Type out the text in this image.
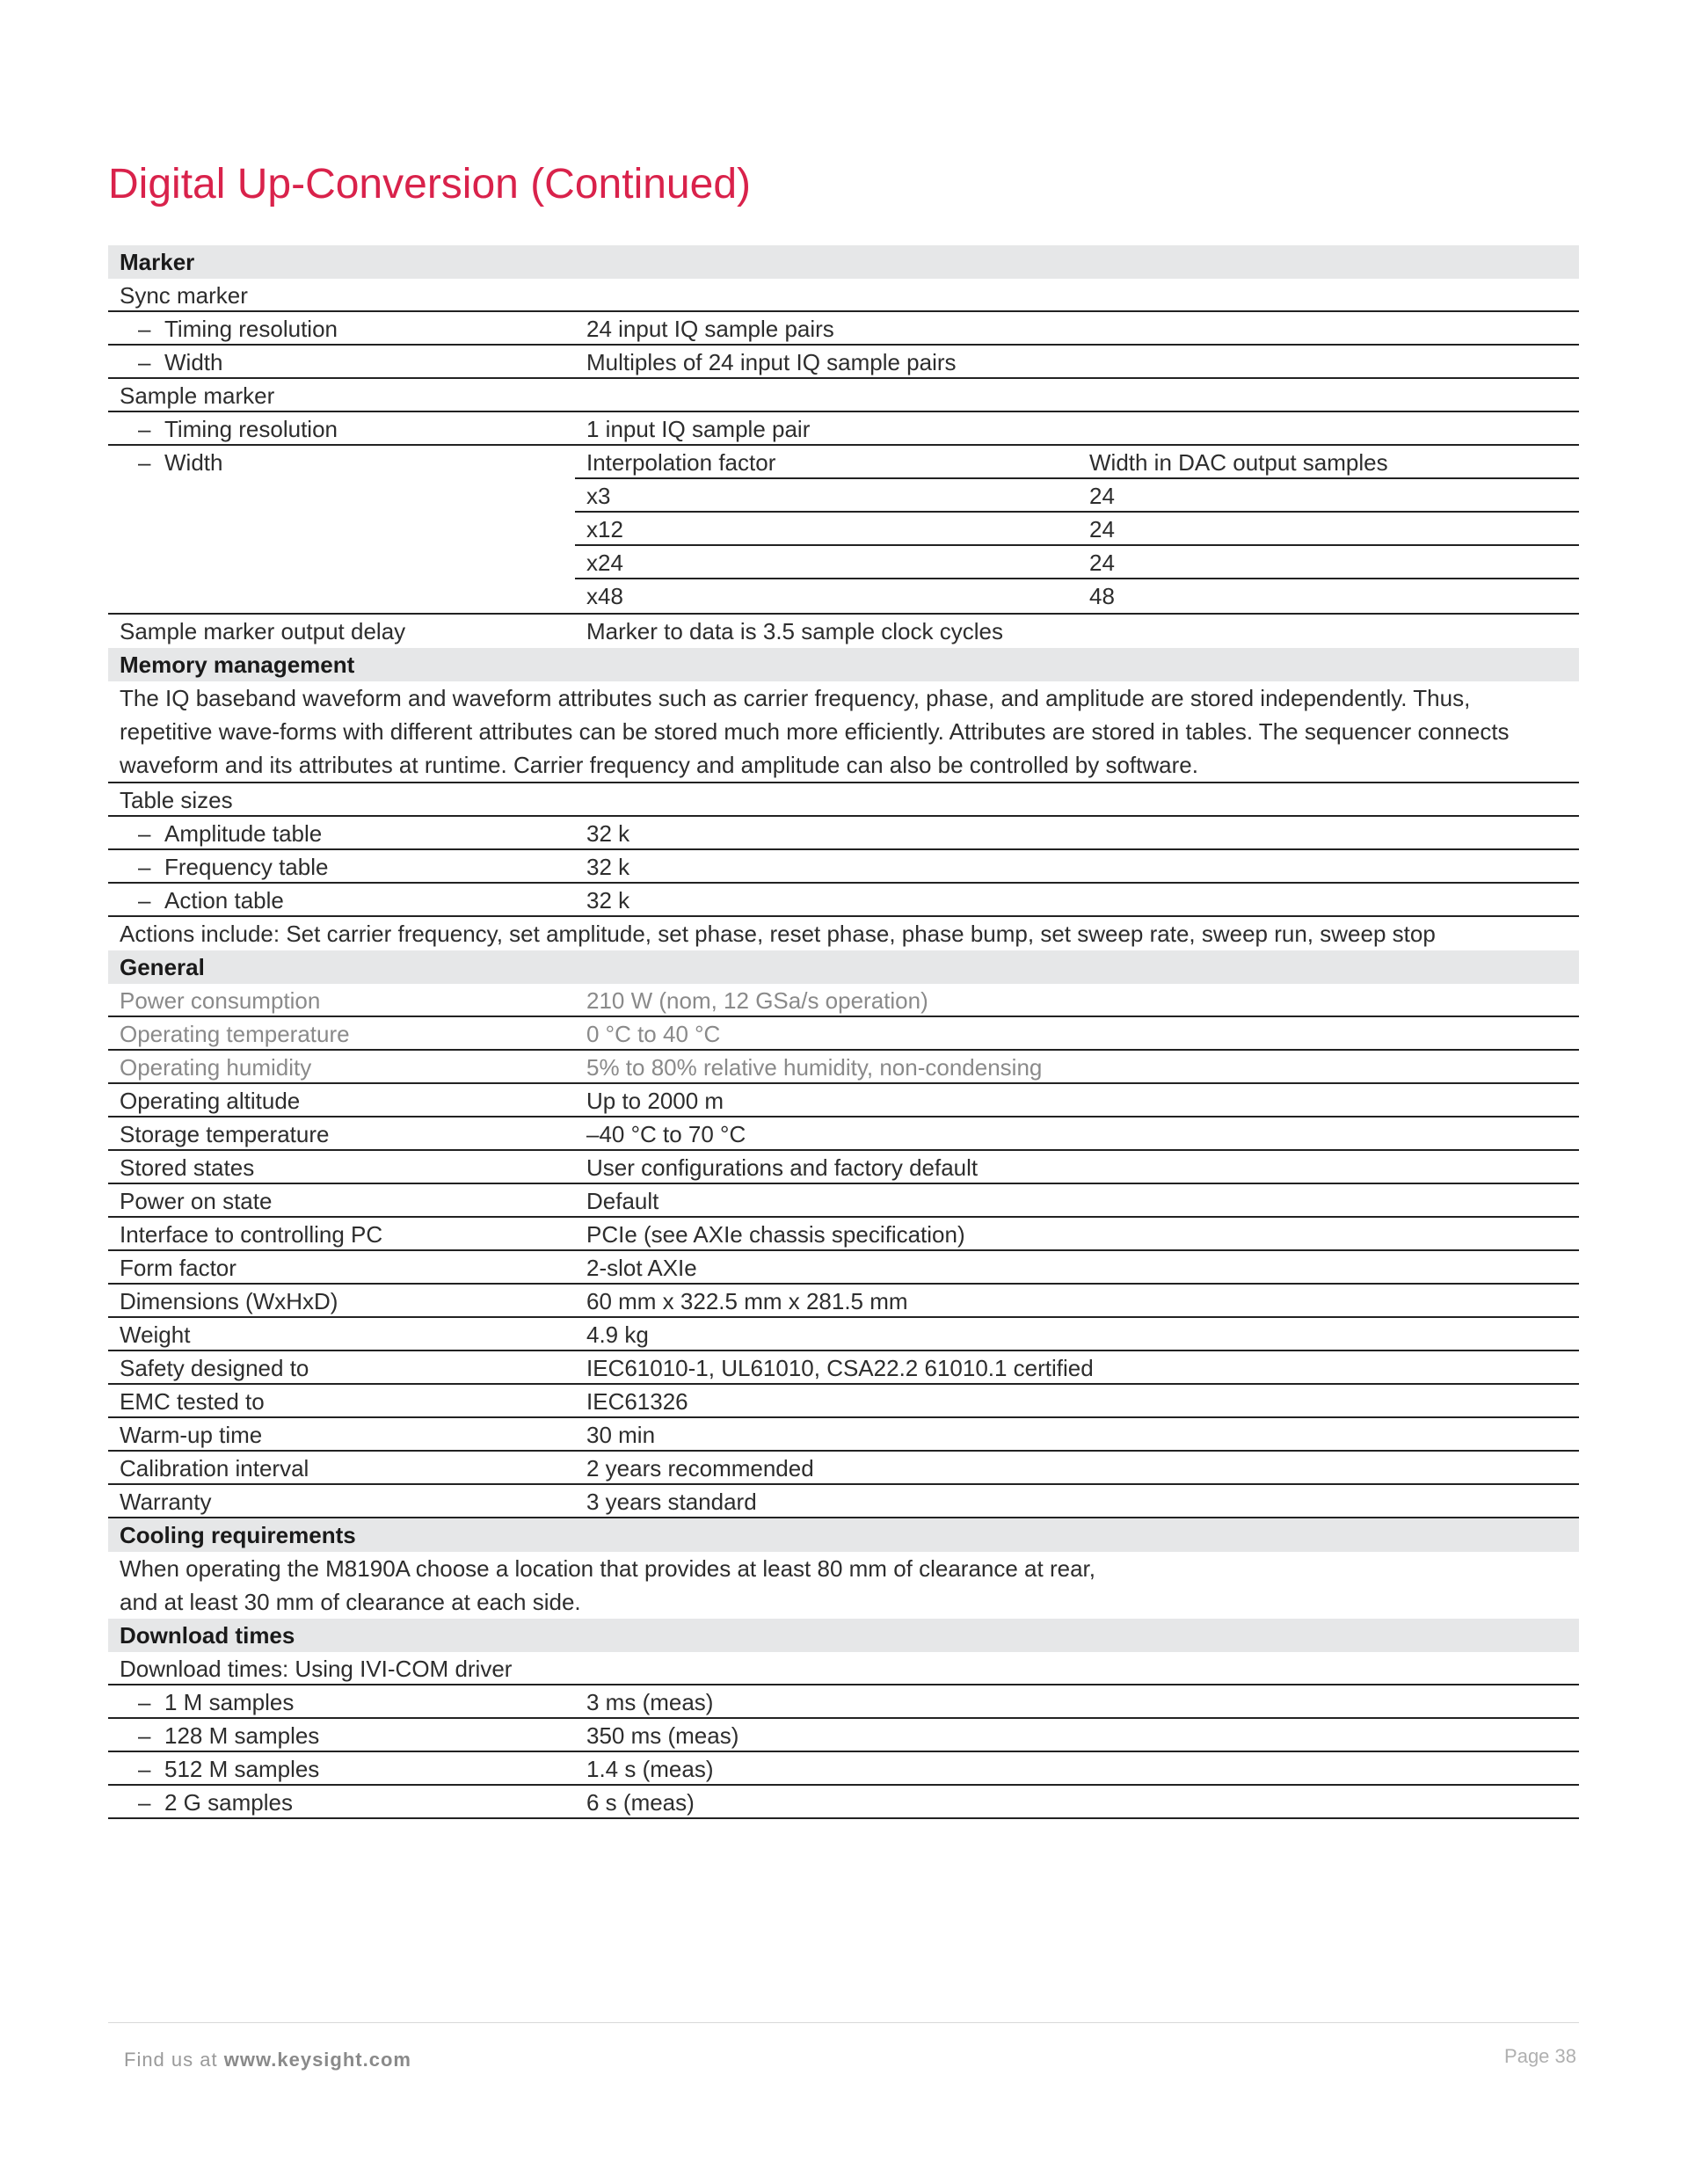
Digital Up-Conversion (Continued)
Marker
Sync marker
– Timing resolution	24 input IQ sample pairs
– Width	Multiples of 24 input IQ sample pairs
Sample marker
– Timing resolution	1 input IQ sample pair
– Width	Interpolation factor	Width in DAC output samples
x3	24
x12	24
x24	24
x48	48
Sample marker output delay	Marker to data is 3.5 sample clock cycles
Memory management
The IQ baseband waveform and waveform attributes such as carrier frequency, phase, and amplitude are stored independently. Thus, repetitive wave-forms with different attributes can be stored much more efficiently. Attributes are stored in tables. The sequencer connects waveform and its attributes at runtime. Carrier frequency and amplitude can also be controlled by software.
Table sizes
– Amplitude table	32 k
– Frequency table	32 k
– Action table	32 k
Actions include: Set carrier frequency, set amplitude, set phase, reset phase, phase bump, set sweep rate, sweep run, sweep stop
General
Power consumption	210 W (nom, 12 GSa/s operation)
Operating temperature	0 °C to 40 °C
Operating humidity	5% to 80% relative humidity, non-condensing
Operating altitude	Up to 2000 m
Storage temperature	–40 °C to 70 °C
Stored states	User configurations and factory default
Power on state	Default
Interface to controlling PC	PCIe (see AXIe chassis specification)
Form factor	2-slot AXIe
Dimensions (WxHxD)	60 mm x 322.5 mm x 281.5 mm
Weight	4.9 kg
Safety designed to	IEC61010-1, UL61010, CSA22.2 61010.1 certified
EMC tested to	IEC61326
Warm-up time	30 min
Calibration interval	2 years recommended
Warranty	3 years standard
Cooling requirements
When operating the M8190A choose a location that provides at least 80 mm of clearance at rear,
and at least 30 mm of clearance at each side.
Download times
Download times: Using IVI-COM driver
– 1 M samples	3 ms (meas)
– 128 M samples	350 ms (meas)
– 512 M samples	1.4 s (meas)
– 2 G samples	6 s (meas)
Find us at www.keysight.com	Page 38
